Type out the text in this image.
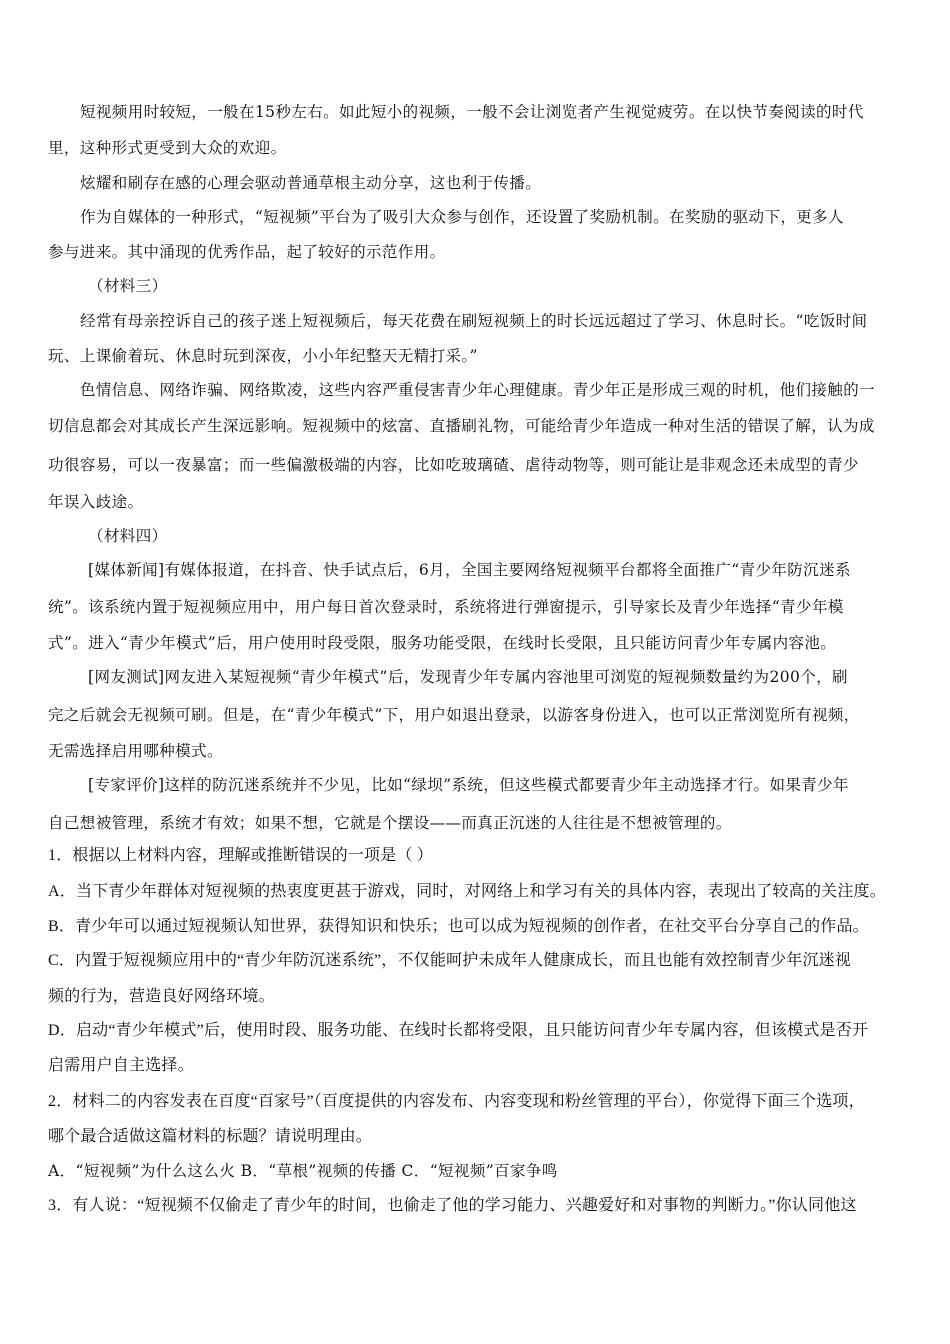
短视频用时较短，一般在15秒左右。如此短小的视频，一般不会让浏览者产生视觉疲劳。在以快节奏阅读的时代
里，这种形式更受到大众的欢迎。
炫耀和刷存在感的心理会驱动普通草根主动分享，这也利于传播。
作为自媒体的一种形式，“短视频”平台为了吸引大众参与创作，还设置了奖励机制。在奖励的驱动下，更多人
参与进来。其中涌现的优秀作品，起了较好的示范作用。
（材料三）
经常有母亲控诉自己的孩子迷上短视频后，每天花费在刷短视频上的时长远远超过了学习、休息时长。“吃饭时间
玩、上课偷着玩、休息时玩到深夜，小小年纪整天无精打采。”
色情信息、网络诈骗、网络欺凌，这些内容严重侵害青少年心理健康。青少年正是形成三观的时机，他们接触的一
切信息都会对其成长产生深远影响。短视频中的炫富、直播刷礼物，可能给青少年造成一种对生活的错误了解，认为成
功很容易，可以一夜暴富；而一些偏激极端的内容，比如吃玻璃碴、虐待动物等，则可能让是非观念还未成型的青少
年误入歧途。
（材料四）
[媒体新闻]有媒体报道，在抖音、快手试点后，6月，全国主要网络短视频平台都将全面推广“青少年防沉迷系
统”。该系统内置于短视频应用中，用户每日首次登录时，系统将进行弹窗提示，引导家长及青少年选择“青少年模
式”。进入“青少年模式”后，用户使用时段受限，服务功能受限，在线时长受限，且只能访问青少年专属内容池。
[网友测试]网友进入某短视频“青少年模式”后，发现青少年专属内容池里可浏览的短视频数量约为200个，刷
完之后就会无视频可刷。但是，在“青少年模式”下，用户如退出登录，以游客身份进入，也可以正常浏览所有视频，
无需选择启用哪种模式。
[专家评价]这样的防沉迷系统并不少见，比如“绿坝”系统，但这些模式都要青少年主动选择才行。如果青少年
自己想被管理，系统才有效；如果不想，它就是个摆设——而真正沉迷的人往往是不想被管理的。
1．根据以上材料内容，理解或推断错误的一项是（ ）
A．当下青少年群体对短视频的热衷度更甚于游戏，同时，对网络上和学习有关的具体内容，表现出了较高的关注度。
B．青少年可以通过短视频认知世界，获得知识和快乐；也可以成为短视频的创作者，在社交平台分享自己的作品。
C．内置于短视频应用中的“青少年防沉迷系统”，不仅能呵护未成年人健康成长，而且也能有效控制青少年沉迷视
频的行为，营造良好网络环境。
D．启动“青少年模式”后，使用时段、服务功能、在线时长都将受限，且只能访问青少年专属内容，但该模式是否开
启需用户自主选择。
2．材料二的内容发表在百度“百家号”（百度提供的内容发布、内容变现和粉丝管理的平台），你觉得下面三个选项，
哪个最合适做这篇材料的标题？请说明理由。
A．“短视频”为什么这么火 B．“草根”视频的传播 C．“短视频”百家争鸣
3．有人说：“短视频不仅偷走了青少年的时间，也偷走了他的学习能力、兴趣爱好和对事物的判断力。”你认同他这
